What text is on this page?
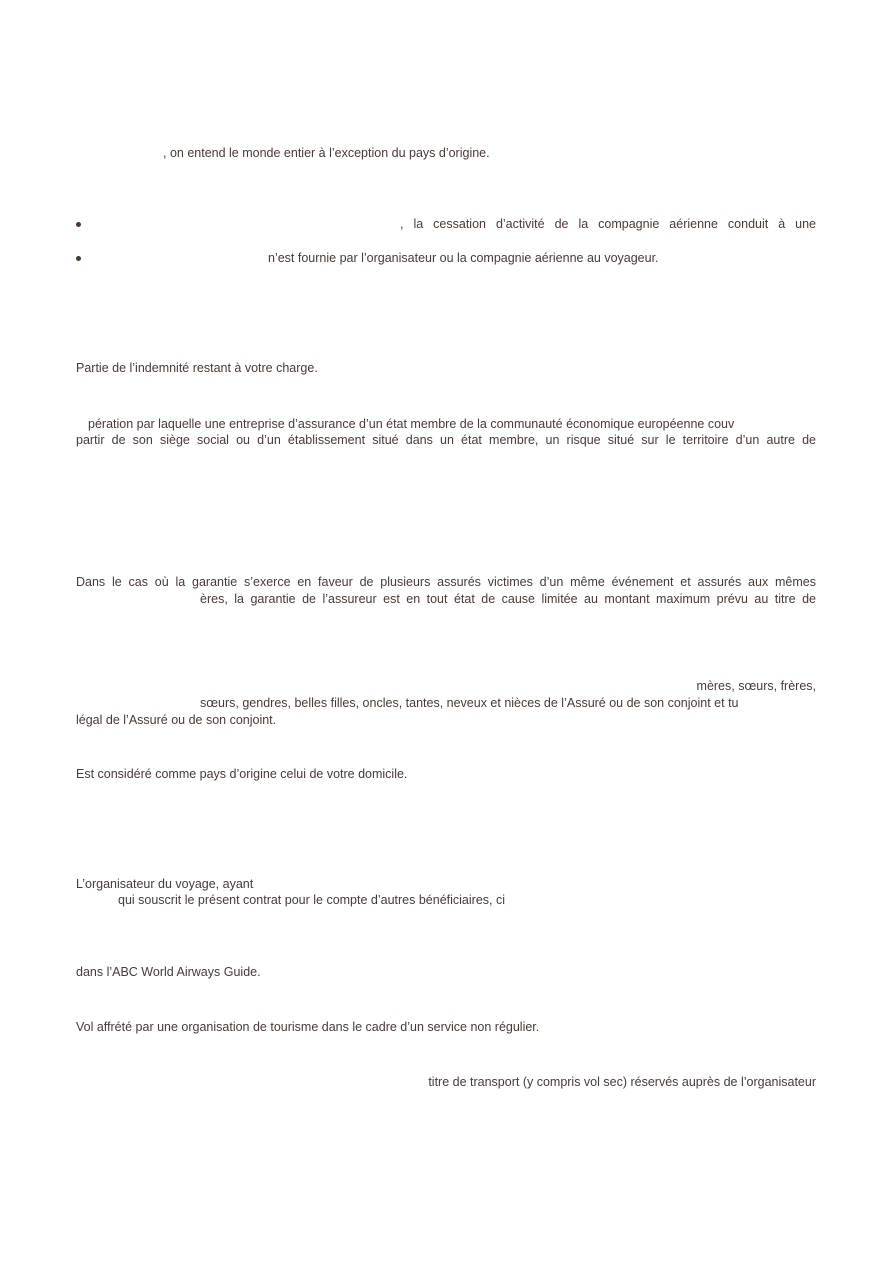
, on entend le monde entier à l’exception du pays d’origine.
, la cessation d’activité de la compagnie aérienne conduit à une
n’est fournie par l’organisateur ou la compagnie aérienne au voyageur.
Partie de l’indemnité restant à votre charge.
pération par laquelle une entreprise d’assurance d’un état membre de la communauté économique européenne couv
partir de son siège social ou d’un établissement situé dans un état membre, un risque situé sur le territoire d’un autre de
Dans le cas où la garantie s’exerce en faveur de plusieurs assurés victimes d’un même événement et assurés aux mêmes
ères, la garantie de l’assureur est en tout état de cause limitée au montant maximum prévu au titre de
mères, sœurs, frères,
sœurs, gendres, belles filles, oncles, tantes, neveux et nièces de l’Assuré ou de son conjoint et tu
légal de l’Assuré ou de son conjoint.
Est considéré comme pays d’origine celui de votre domicile.
L’organisateur du voyage, ayant
qui souscrit le présent contrat pour le compte d’autres bénéficiaires, ci
dans l’ABC World Airways Guide.
Vol affrété par une organisation de tourisme dans le cadre d’un service non régulier.
titre de transport (y compris vol sec) réservés auprès de l’organisateur
